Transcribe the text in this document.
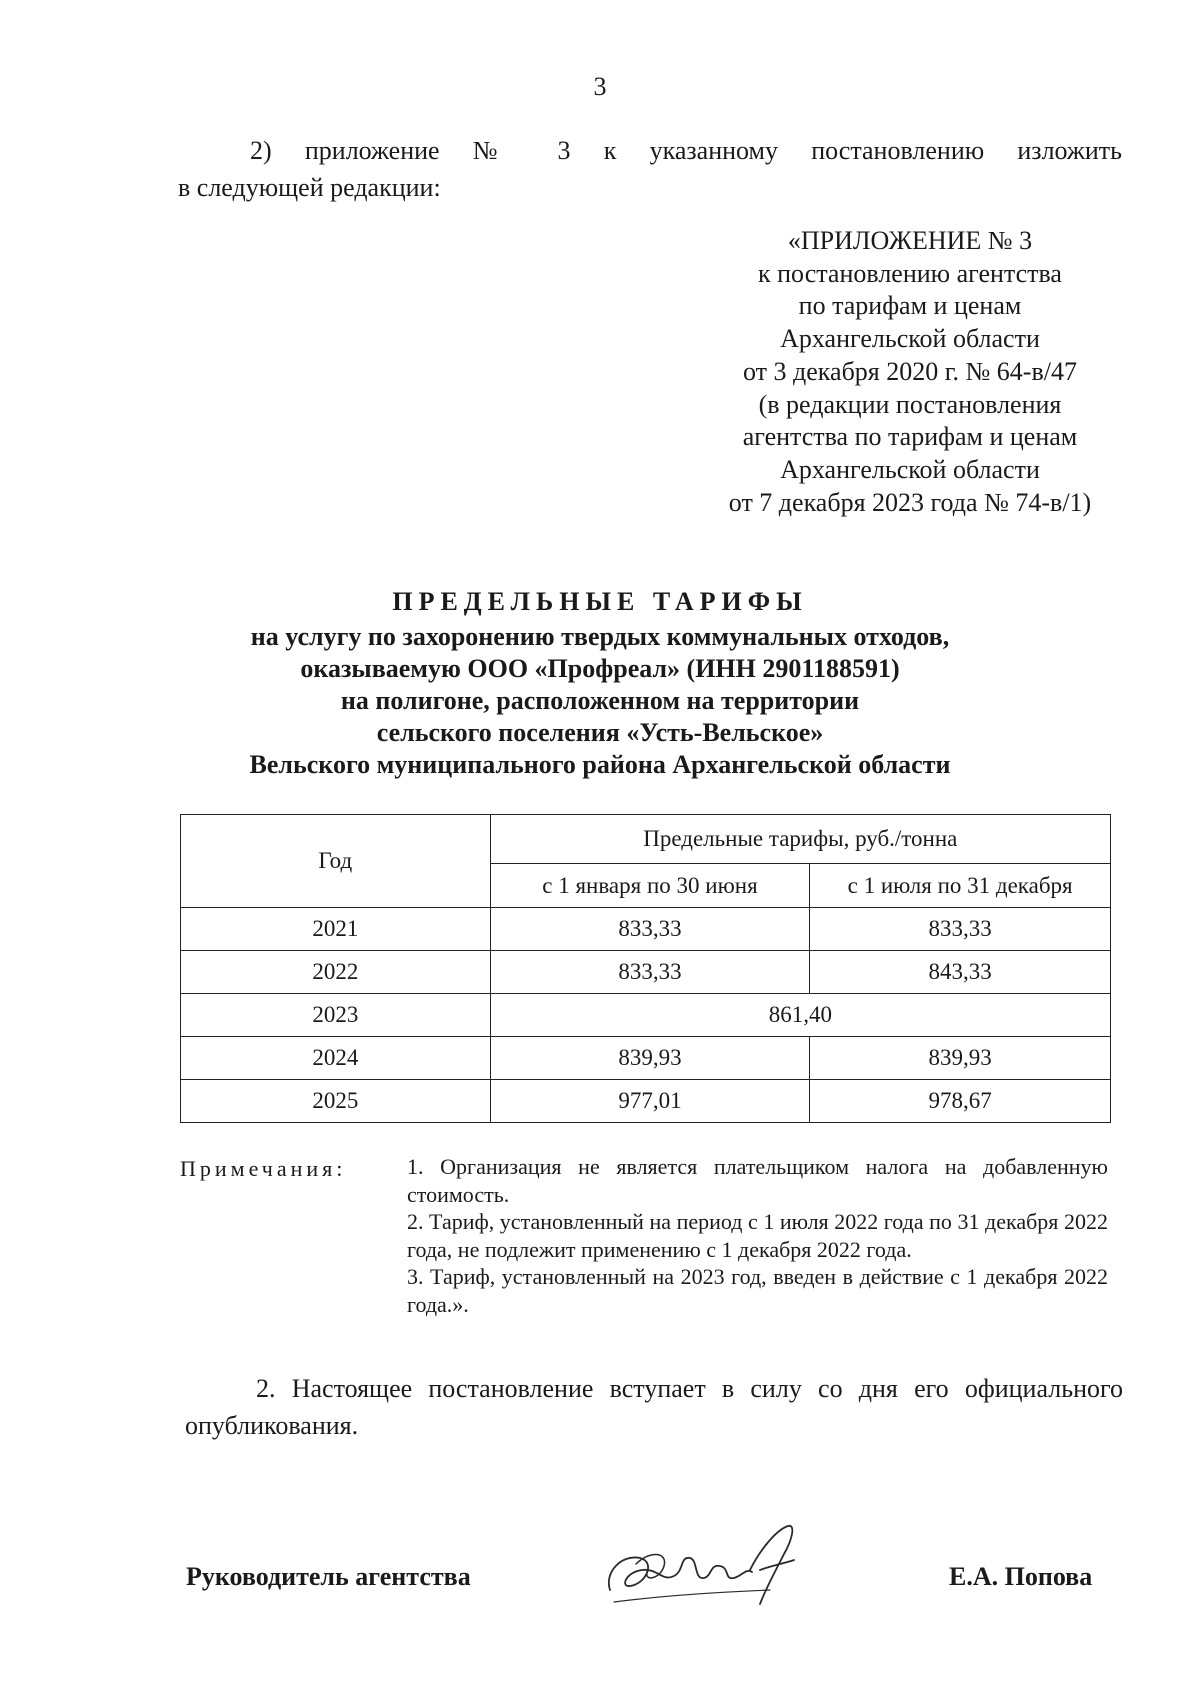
3
2) приложение № 3 к указанному постановлению изложить
в следующей редакции:
«ПРИЛОЖЕНИЕ № 3
к постановлению агентства
по тарифам и ценам
Архангельской области
от 3 декабря 2020 г. № 64-в/47
(в редакции постановления
агентства по тарифам и ценам
Архангельской области
от 7 декабря 2023 года № 74-в/1)
ПРЕДЕЛЬНЫЕ ТАРИФЫ
на услугу по захоронению твердых коммунальных отходов,
оказываемую ООО «Профреал» (ИНН 2901188591)
на полигоне, расположенном на территории
сельского поселения «Усть-Вельское»
Вельского муниципального района Архангельской области
Год	Предельные тарифы, руб./тонна	
	с 1 января по 30 июня	с 1 июля по 31 декабря
2021	833,33	833,33
2022	833,33	843,33
2023	861,40	
2024	839,93	839,93
2025	977,01	978,67
Примечания:	1. Организация не является плательщиком налога на добавленную стоимость.
2. Тариф, установленный на период с 1 июля 2022 года по 31 декабря 2022 года, не подлежит применению с 1 декабря 2022 года.
3. Тариф, установленный на 2023 год, введен в действие с 1 декабря 2022 года.».
2. Настоящее постановление вступает в силу со дня его официального
опубликования.
Руководитель агентства	Е.А. Попова
